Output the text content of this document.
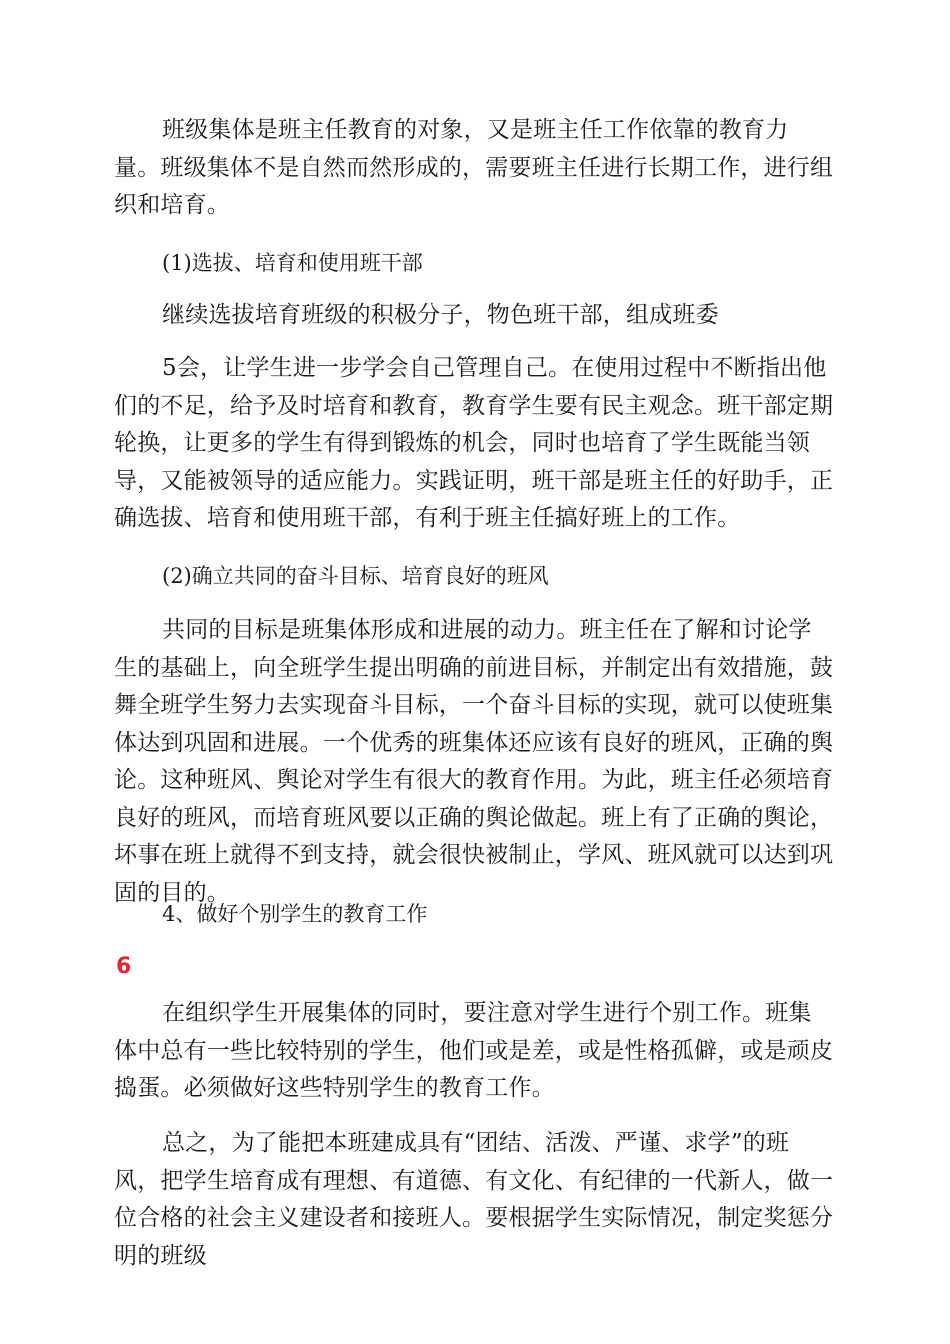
班级集体是班主任教育的对象，又是班主任工作依靠的教育力量。班级集体不是自然而然形成的，需要班主任进行长期工作，进行组织和培育。

(1)选拔、培育和使用班干部

继续选拔培育班级的积极分子，物色班干部，组成班委

5会，让学生进一步学会自己管理自己。在使用过程中不断指出他们的不足，给予及时培育和教育，教育学生要有民主观念。班干部定期轮换，让更多的学生有得到锻炼的机会，同时也培育了学生既能当领导，又能被领导的适应能力。实践证明，班干部是班主任的好助手，正确选拔、培育和使用班干部，有利于班主任搞好班上的工作。

(2)确立共同的奋斗目标、培育良好的班风

共同的目标是班集体形成和进展的动力。班主任在了解和讨论学生的基础上，向全班学生提出明确的前进目标，并制定出有效措施，鼓舞全班学生努力去实现奋斗目标，一个奋斗目标的实现，就可以使班集体达到巩固和进展。一个优秀的班集体还应该有良好的班风，正确的舆论。这种班风、舆论对学生有很大的教育作用。为此，班主任必须培育良好的班风，而培育班风要以正确的舆论做起。班上有了正确的舆论，坏事在班上就得不到支持，就会很快被制止，学风、班风就可以达到巩固的目的。

4、做好个别学生的教育工作

6

在组织学生开展集体的同时，要注意对学生进行个别工作。班集体中总有一些比较特别的学生，他们或是差，或是性格孤僻，或是顽皮捣蛋。必须做好这些特别学生的教育工作。

总之，为了能把本班建成具有“团结、活泼、严谨、求学”的班风，把学生培育成有理想、有道德、有文化、有纪律的一代新人，做一位合格的社会主义建设者和接班人。要根据学生实际情况，制定奖惩分明的班级
